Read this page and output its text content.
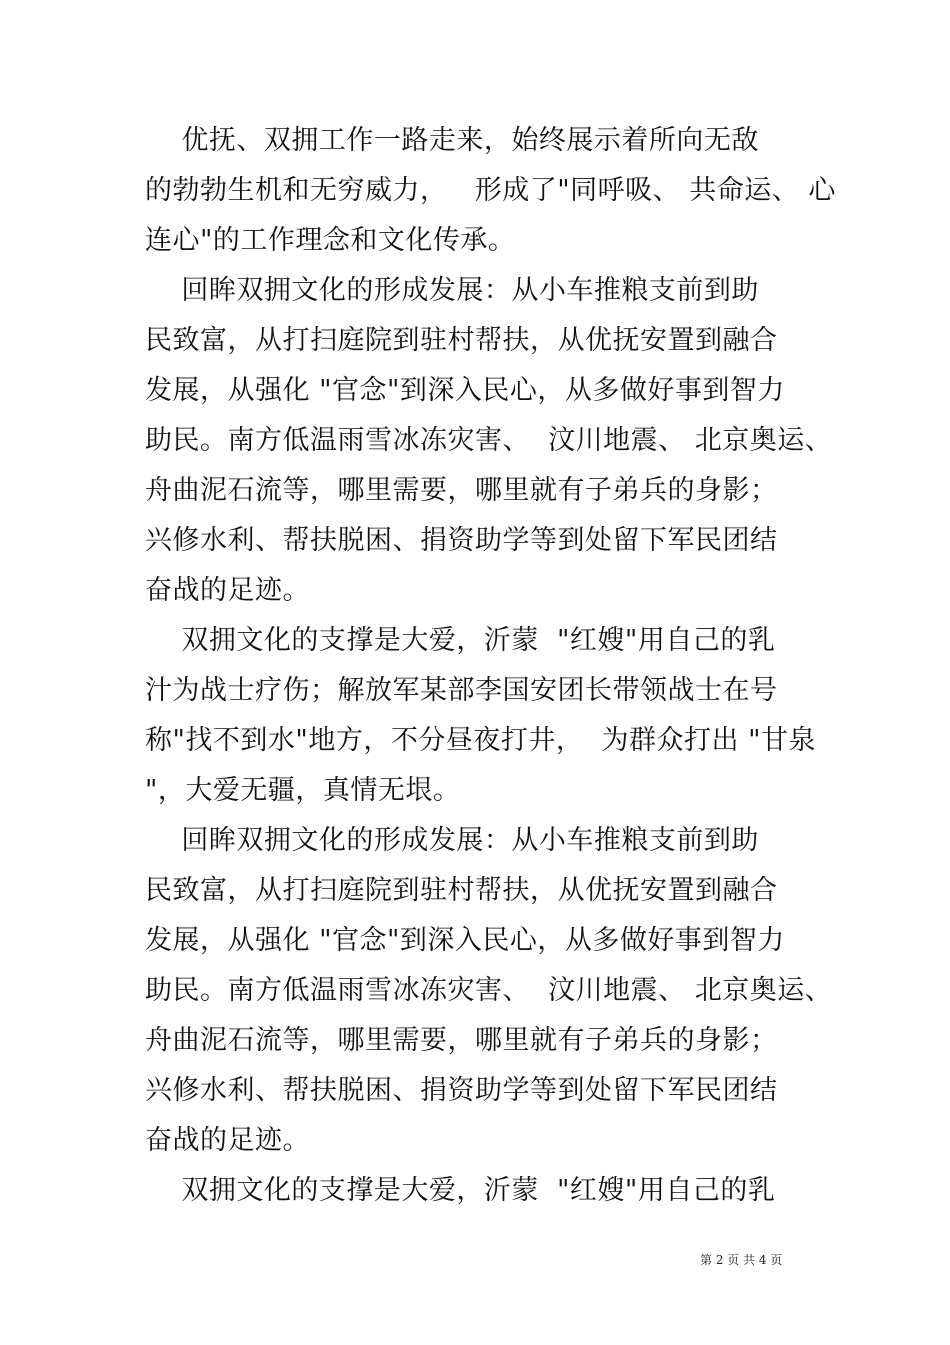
优抚、双拥工作一路走来，始终展示着所向无敌
的勃勃生机和无穷威力，   形成了"同呼吸、 共命运、 心
连心"的工作理念和文化传承。
回眸双拥文化的形成发展：从小车推粮支前到助
民致富，从打扫庭院到驻村帮扶，从优抚安置到融合
发展，从强化 "官念"到深入民心，从多做好事到智力
助民。南方低温雨雪冰冻灾害、  汶川地震、 北京奥运、
舟曲泥石流等，哪里需要，哪里就有子弟兵的身影；
兴修水利、帮扶脱困、捐资助学等到处留下军民团结
奋战的足迹。
双拥文化的支撑是大爱，沂蒙  "红嫂"用自己的乳
汁为战士疗伤；解放军某部李国安团长带领战士在号
称"找不到水"地方，不分昼夜打井，  为群众打出 "甘泉
"，大爱无疆，真情无垠。
回眸双拥文化的形成发展：从小车推粮支前到助
民致富，从打扫庭院到驻村帮扶，从优抚安置到融合
发展，从强化 "官念"到深入民心，从多做好事到智力
助民。南方低温雨雪冰冻灾害、  汶川地震、 北京奥运、
舟曲泥石流等，哪里需要，哪里就有子弟兵的身影；
兴修水利、帮扶脱困、捐资助学等到处留下军民团结
奋战的足迹。
双拥文化的支撑是大爱，沂蒙  "红嫂"用自己的乳
第 2 页 共 4 页
